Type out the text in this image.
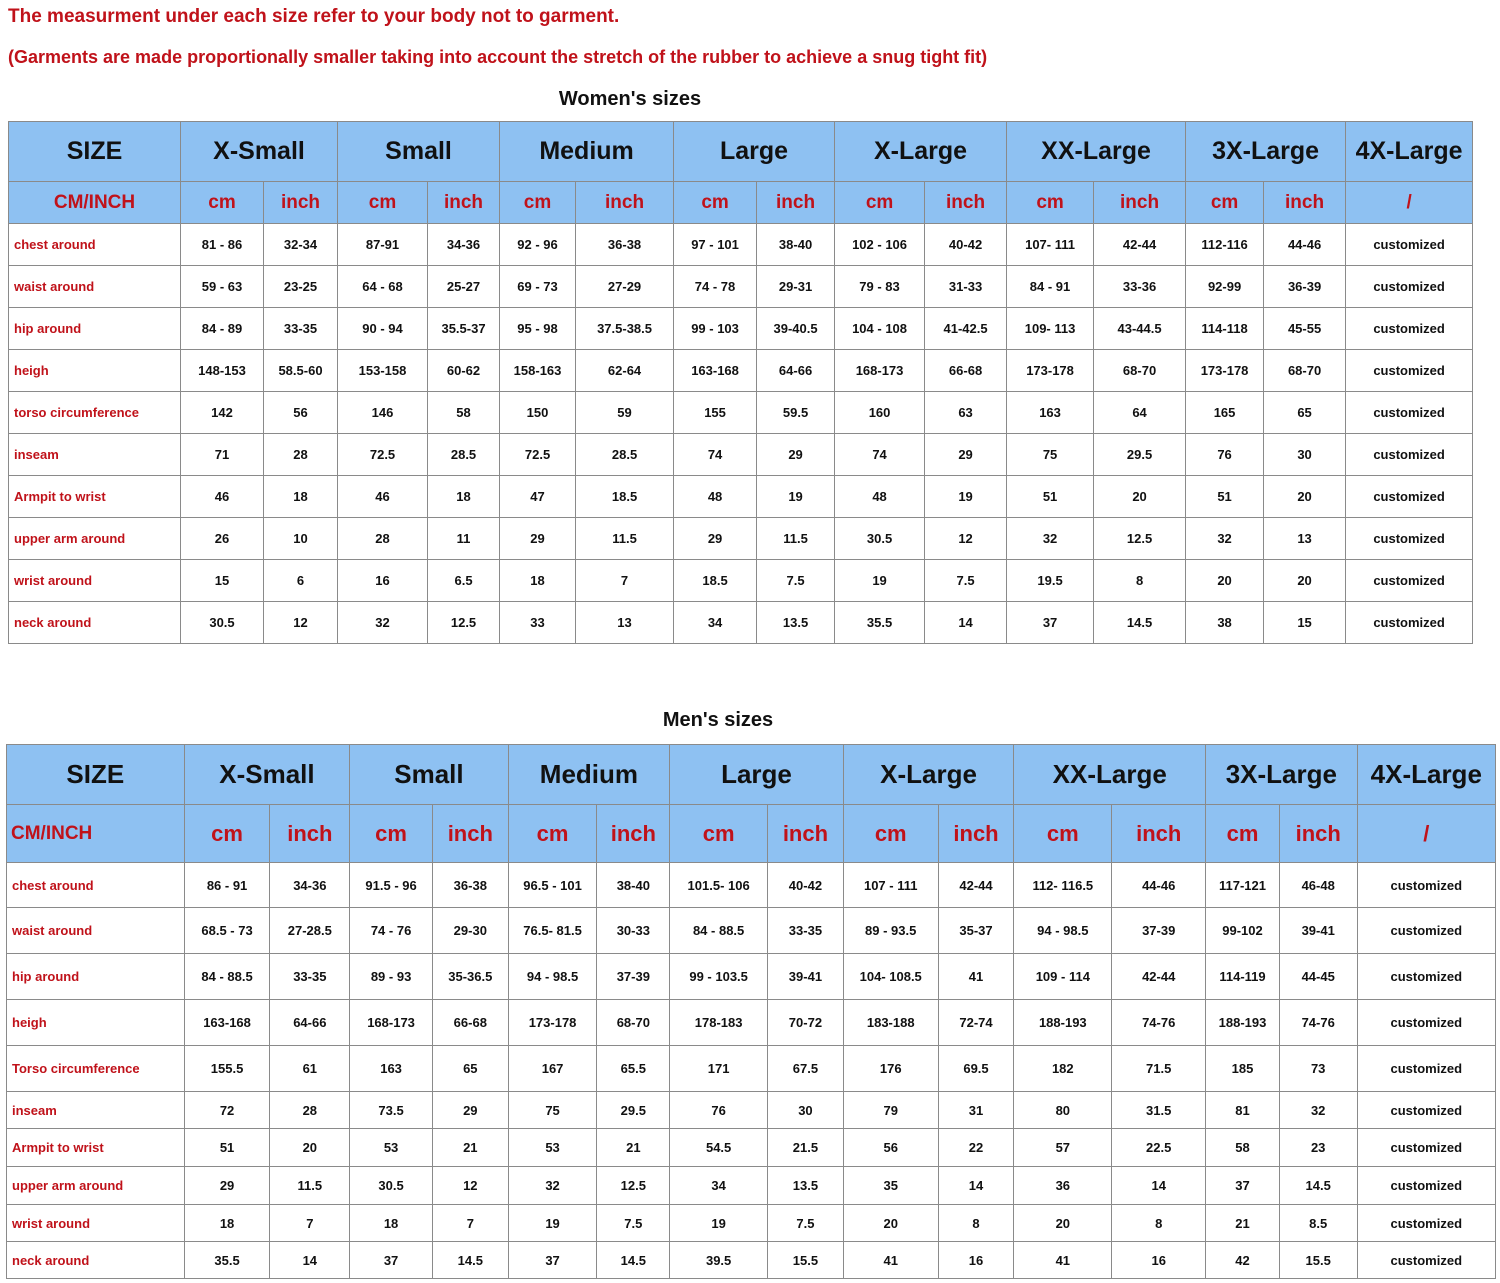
The measurment under each size refer to your body not to garment.
(Garments are made proportionally smaller taking into account the stretch of the rubber to achieve a snug tight fit)
Women's sizes
SIZE	X-Small		Small		Medium		Large		X-Large		XX-Large		3X-Large		4X-Large
CM/INCH	cm	inch	cm	inch	cm	inch	cm	inch	cm	inch	cm	inch	cm	inch	/
chest around	81 - 86	32-34	87-91	34-36	92 - 96	36-38	97 - 101	38-40	102 - 106	40-42	107- 111	42-44	112-116	44-46	customized
waist around	59 - 63	23-25	64 - 68	25-27	69 - 73	27-29	74 - 78	29-31	79 - 83	31-33	84 - 91	33-36	92-99	36-39	customized
hip around	84 - 89	33-35	90 - 94	35.5-37	95 - 98	37.5-38.5	99 - 103	39-40.5	104 - 108	41-42.5	109- 113	43-44.5	114-118	45-55	customized
heigh	148-153	58.5-60	153-158	60-62	158-163	62-64	163-168	64-66	168-173	66-68	173-178	68-70	173-178	68-70	customized
torso circumference	142	56	146	58	150	59	155	59.5	160	63	163	64	165	65	customized
inseam	71	28	72.5	28.5	72.5	28.5	74	29	74	29	75	29.5	76	30	customized
Armpit to wrist	46	18	46	18	47	18.5	48	19	48	19	51	20	51	20	customized
upper arm around	26	10	28	11	29	11.5	29	11.5	30.5	12	32	12.5	32	13	customized
wrist around	15	6	16	6.5	18	7	18.5	7.5	19	7.5	19.5	8	20	20	customized
neck around	30.5	12	32	12.5	33	13	34	13.5	35.5	14	37	14.5	38	15	customized
Men's sizes
SIZE	X-Small		Small		Medium		Large		X-Large		XX-Large		3X-Large		4X-Large
CM/INCH	cm	inch	cm	inch	cm	inch	cm	inch	cm	inch	cm	inch	cm	inch	/
chest around	86 - 91	34-36	91.5 - 96	36-38	96.5 - 101	38-40	101.5- 106	40-42	107 - 111	42-44	112- 116.5	44-46	117-121	46-48	customized
waist around	68.5 - 73	27-28.5	74 - 76	29-30	76.5- 81.5	30-33	84 - 88.5	33-35	89 - 93.5	35-37	94 - 98.5	37-39	99-102	39-41	customized
hip around	84 - 88.5	33-35	89 - 93	35-36.5	94 - 98.5	37-39	99 - 103.5	39-41	104- 108.5	41	109 - 114	42-44	114-119	44-45	customized
heigh	163-168	64-66	168-173	66-68	173-178	68-70	178-183	70-72	183-188	72-74	188-193	74-76	188-193	74-76	customized
Torso circumference	155.5	61	163	65	167	65.5	171	67.5	176	69.5	182	71.5	185	73	customized
inseam	72	28	73.5	29	75	29.5	76	30	79	31	80	31.5	81	32	customized
Armpit to wrist	51	20	53	21	53	21	54.5	21.5	56	22	57	22.5	58	23	customized
upper arm around	29	11.5	30.5	12	32	12.5	34	13.5	35	14	36	14	37	14.5	customized
wrist around	18	7	18	7	19	7.5	19	7.5	20	8	20	8	21	8.5	customized
neck around	35.5	14	37	14.5	37	14.5	39.5	15.5	41	16	41	16	42	15.5	customized
